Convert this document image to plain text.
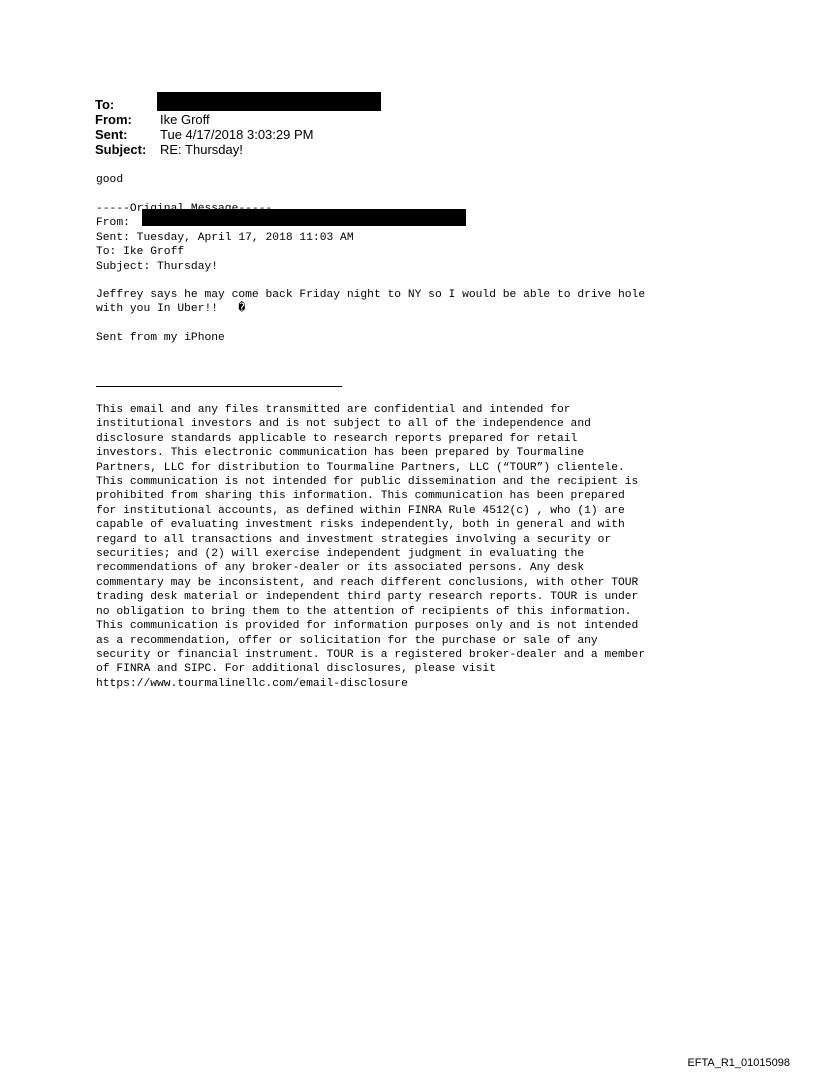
To:
From:	Ike Groff
Sent:	Tue 4/17/2018 3:03:29 PM
Subject:	RE: Thursday!
good
-----Original Message-----
From:
Sent: Tuesday, April 17, 2018 11:03 AM
To: Ike Groff
Subject: Thursday!
Jeffrey says he may come back Friday night to NY so I would be able to drive hole
with you In Uber!!   �
Sent from my iPhone
This email and any files transmitted are confidential and intended for
institutional investors and is not subject to all of the independence and
disclosure standards applicable to research reports prepared for retail
investors. This electronic communication has been prepared by Tourmaline
Partners, LLC for distribution to Tourmaline Partners, LLC (“TOUR”) clientele.
This communication is not intended for public dissemination and the recipient is
prohibited from sharing this information. This communication has been prepared
for institutional accounts, as defined within FINRA Rule 4512(c) , who (1) are
capable of evaluating investment risks independently, both in general and with
regard to all transactions and investment strategies involving a security or
securities; and (2) will exercise independent judgment in evaluating the
recommendations of any broker-dealer or its associated persons. Any desk
commentary may be inconsistent, and reach different conclusions, with other TOUR
trading desk material or independent third party research reports. TOUR is under
no obligation to bring them to the attention of recipients of this information.
This communication is provided for information purposes only and is not intended
as a recommendation, offer or solicitation for the purchase or sale of any
security or financial instrument. TOUR is a registered broker-dealer and a member
of FINRA and SIPC. For additional disclosures, please visit
https://www.tourmalinellc.com/email-disclosure
EFTA_R1_01015098
